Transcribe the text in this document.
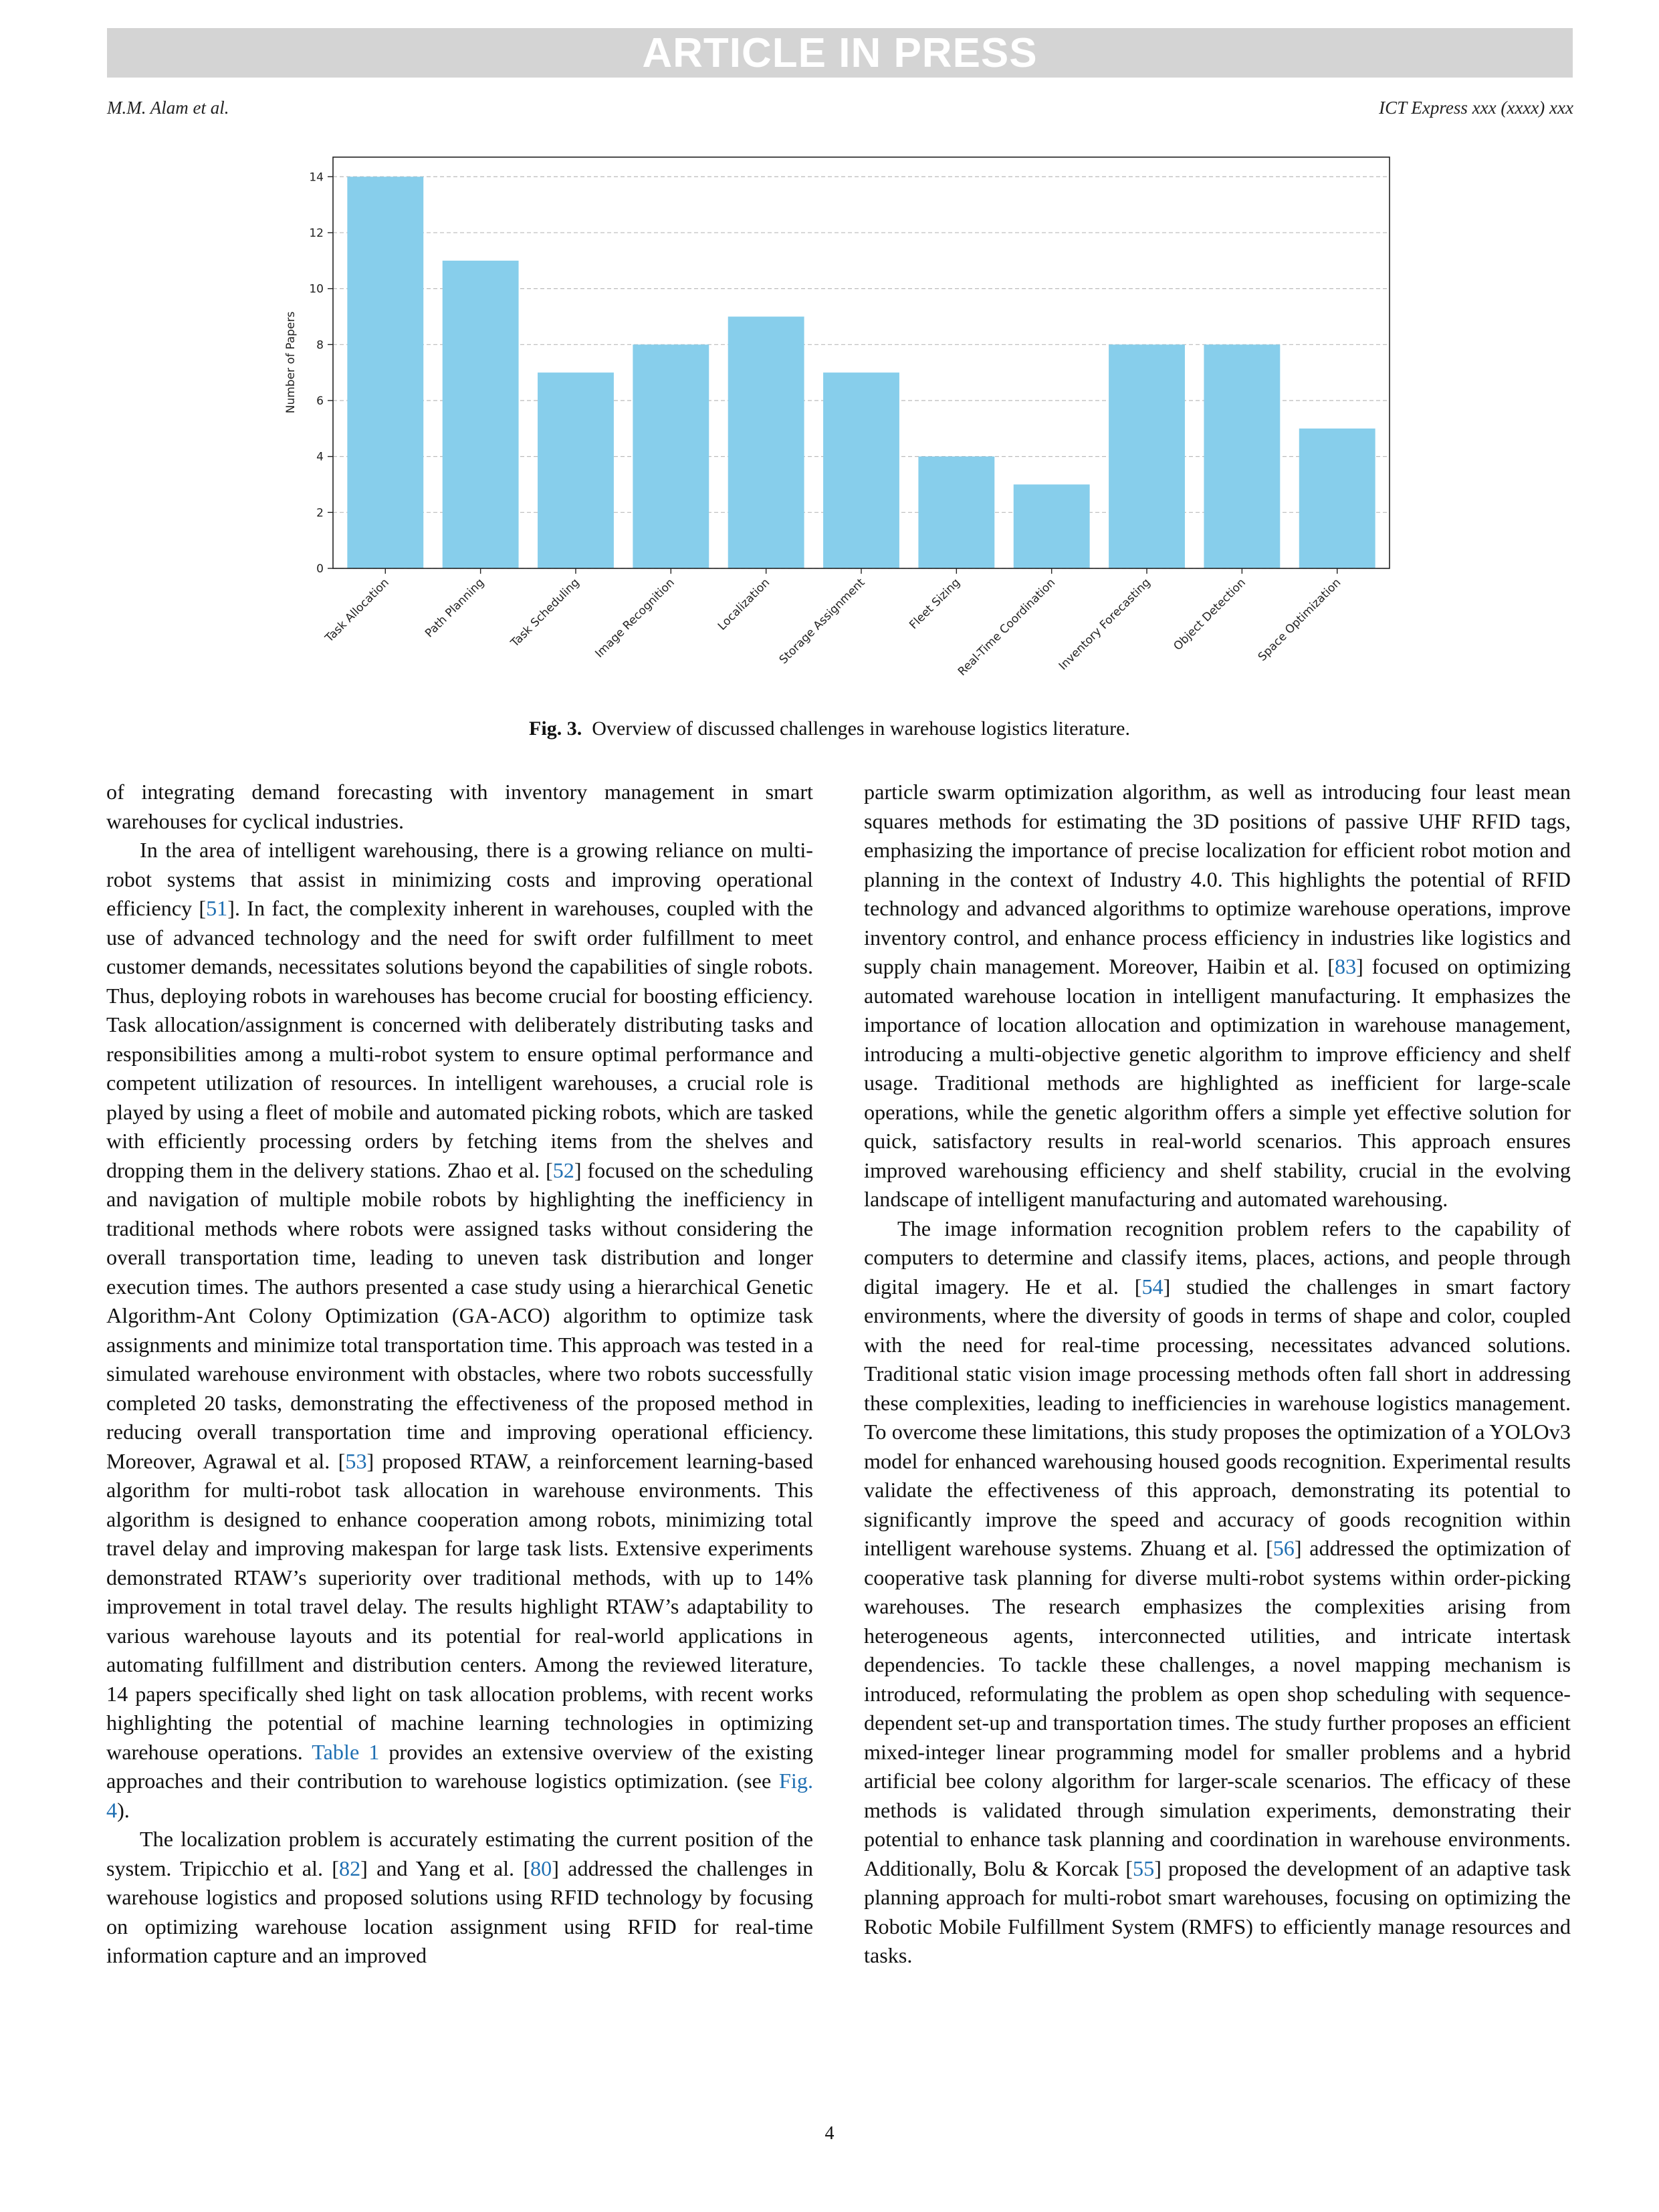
ARTICLE IN PRESS
M.M. Alam et al.	ICT Express xxx (xxxx) xxx
0
2
4
6
8
10
12
14
Task Allocation	Path Planning Task Scheduling Image Recognition	Localization Storage Assignment	Fleet Sizing
Real-Time Coordination
Inventory Forecasting Object Detection Space Optimization
Number of Papers
Fig. 3. Overview of discussed challenges in warehouse logistics literature.

of integrating demand forecasting with inventory management in smart warehouses for cyclical industries.

In the area of intelligent warehousing, there is a growing reliance on multi-robot systems that assist in minimizing costs and improving operational efficiency [51]. In fact, the complexity inherent in warehouses, coupled with the use of advanced technology and the need for swift order fulfillment to meet customer demands, necessitates solutions beyond the capabilities of single robots. Thus, deploying robots in warehouses has become crucial for boosting efficiency. Task allocation/assignment is concerned with deliberately distributing tasks and responsibilities among a multi-robot system to ensure optimal performance and competent utilization of resources. In intelligent warehouses, a crucial role is played by using a fleet of mobile and automated picking robots, which are tasked with efficiently processing orders by fetching items from the shelves and dropping them in the delivery stations. Zhao et al. [52] focused on the scheduling and navigation of multiple mobile robots by highlighting the inefficiency in traditional methods where robots were assigned tasks without considering the overall transportation time, leading to uneven task distribution and longer execution times. The authors presented a case study using a hierarchical Genetic Algorithm-Ant Colony Optimization (GA-ACO) algorithm to optimize task assignments and minimize total transportation time. This approach was tested in a simulated warehouse environment with obstacles, where two robots successfully completed 20 tasks, demonstrating the effectiveness of the proposed method in reducing overall transportation time and improving operational efficiency. Moreover, Agrawal et al. [53] proposed RTAW, a reinforcement learning-based algorithm for multi-robot task allocation in warehouse environments. This algorithm is designed to enhance cooperation among robots, minimizing total travel delay and improving makespan for large task lists. Extensive experiments demonstrated RTAW’s superiority over traditional methods, with up to 14% improvement in total travel delay. The results highlight RTAW’s adaptability to various warehouse layouts and its potential for real-world applications in automating fulfillment and distribution centers. Among the reviewed literature, 14 papers specifically shed light on task allocation problems, with recent works highlighting the potential of machine learning technologies in optimizing warehouse operations. Table 1 provides an extensive overview of the existing approaches and their contribution to warehouse logistics optimization. (see Fig. 4).

The localization problem is accurately estimating the current position of the system. Tripicchio et al. [82] and Yang et al. [80] addressed the challenges in warehouse logistics and proposed solutions using RFID technology by focusing on optimizing warehouse location assignment using RFID for real-time information capture and an improved

particle swarm optimization algorithm, as well as introducing four least mean squares methods for estimating the 3D positions of passive UHF RFID tags, emphasizing the importance of precise localization for efficient robot motion and planning in the context of Industry 4.0. This highlights the potential of RFID technology and advanced algorithms to optimize warehouse operations, improve inventory control, and enhance process efficiency in industries like logistics and supply chain management. Moreover, Haibin et al. [83] focused on optimizing automated warehouse location in intelligent manufacturing. It emphasizes the importance of location allocation and optimization in warehouse management, introducing a multi-objective genetic algorithm to improve efficiency and shelf usage. Traditional methods are highlighted as inefficient for large-scale operations, while the genetic algorithm offers a simple yet effective solution for quick, satisfactory results in real-world scenarios. This approach ensures improved warehousing efficiency and shelf stability, crucial in the evolving landscape of intelligent manufacturing and automated warehousing.

The image information recognition problem refers to the capability of computers to determine and classify items, places, actions, and people through digital imagery. He et al. [54] studied the challenges in smart factory environments, where the diversity of goods in terms of shape and color, coupled with the need for real-time processing, necessitates advanced solutions. Traditional static vision image processing methods often fall short in addressing these complexities, leading to inefficiencies in warehouse logistics management. To overcome these limitations, this study proposes the optimization of a YOLOv3 model for enhanced warehousing housed goods recognition. Experimental results validate the effectiveness of this approach, demonstrating its potential to significantly improve the speed and accuracy of goods recognition within intelligent warehouse systems. Zhuang et al. [56] addressed the optimization of cooperative task planning for diverse multi-robot systems within order-picking warehouses. The research emphasizes the complexities arising from heterogeneous agents, interconnected utilities, and intricate intertask dependencies. To tackle these challenges, a novel mapping mechanism is introduced, reformulating the problem as open shop scheduling with sequence-dependent set-up and transportation times. The study further proposes an efficient mixed-integer linear programming model for smaller problems and a hybrid artificial bee colony algorithm for larger-scale scenarios. The efficacy of these methods is validated through simulation experiments, demonstrating their potential to enhance task planning and coordination in warehouse environments. Additionally, Bolu & Korcak [55] proposed the development of an adaptive task planning approach for multi-robot smart warehouses, focusing on optimizing the Robotic Mobile Fulfillment System (RMFS) to efficiently manage resources and tasks.

4
